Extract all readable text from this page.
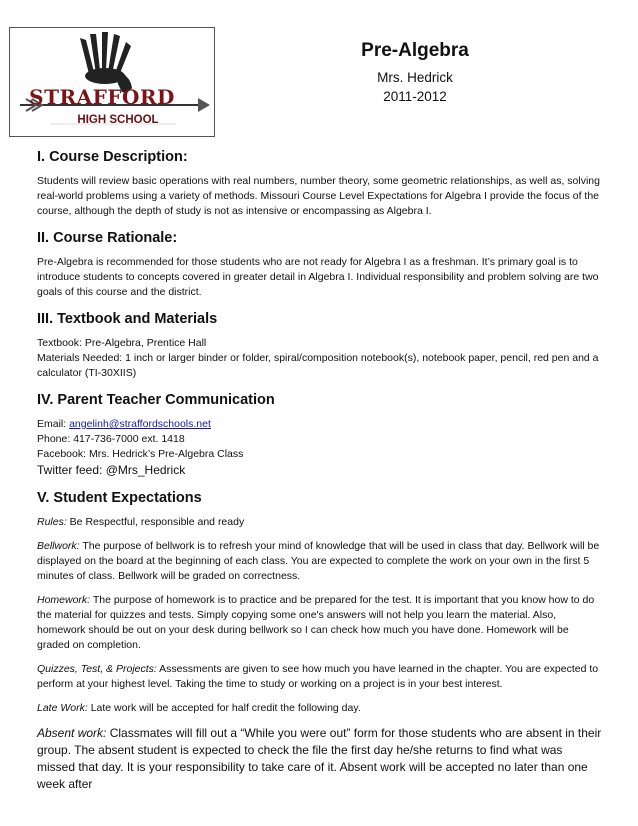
STRAFFORD
HIGH SCHOOL

Pre-Algebra

Mrs. Hedrick

2011-2012

I. Course Description:

Students will review basic operations with real numbers, number theory, some geometric relationships, as well as, solving real-world problems using a variety of methods. Missouri Course Level Expectations for Algebra I provide the focus of the course, although the depth of study is not as intensive or encompassing as Algebra I.

II. Course Rationale:

Pre-Algebra is recommended for those students who are not ready for Algebra I as a freshman. It’s primary goal is to introduce students to concepts covered in greater detail in Algebra I. Individual responsibility and problem solving are two goals of this course and the district.

III. Textbook and Materials

Textbook: Pre-Algebra, Prentice Hall

Materials Needed: 1 inch or larger binder or folder, spiral/composition notebook(s), notebook paper, pencil, red pen and a calculator (TI-30XIIS)

IV. Parent Teacher Communication

Email: angelinh@straffordschools.net

Phone: 417-736-7000 ext. 1418

Facebook: Mrs. Hedrick’s Pre-Algebra Class

Twitter feed: @Mrs_Hedrick

V. Student Expectations

Rules: Be Respectful, responsible and ready

Bellwork: The purpose of bellwork is to refresh your mind of knowledge that will be used in class that day. Bellwork will be displayed on the board at the beginning of each class. You are expected to complete the work on your own in the first 5 minutes of class. Bellwork will be graded on correctness.

Homework: The purpose of homework is to practice and be prepared for the test. It is important that you know how to do the material for quizzes and tests. Simply copying some one's answers will not help you learn the material. Also, homework should be out on your desk during bellwork so I can check how much you have done. Homework will be graded on completion.

Quizzes, Test, & Projects: Assessments are given to see how much you have learned in the chapter. You are expected to perform at your highest level. Taking the time to study or working on a project is in your best interest.

Late Work: Late work will be accepted for half credit the following day.

Absent work: Classmates will fill out a “While you were out” form for those students who are absent in their group. The absent student is expected to check the file the first day he/she returns to find what was missed that day. It is your responsibility to take care of it. Absent work will be accepted no later than one week after
